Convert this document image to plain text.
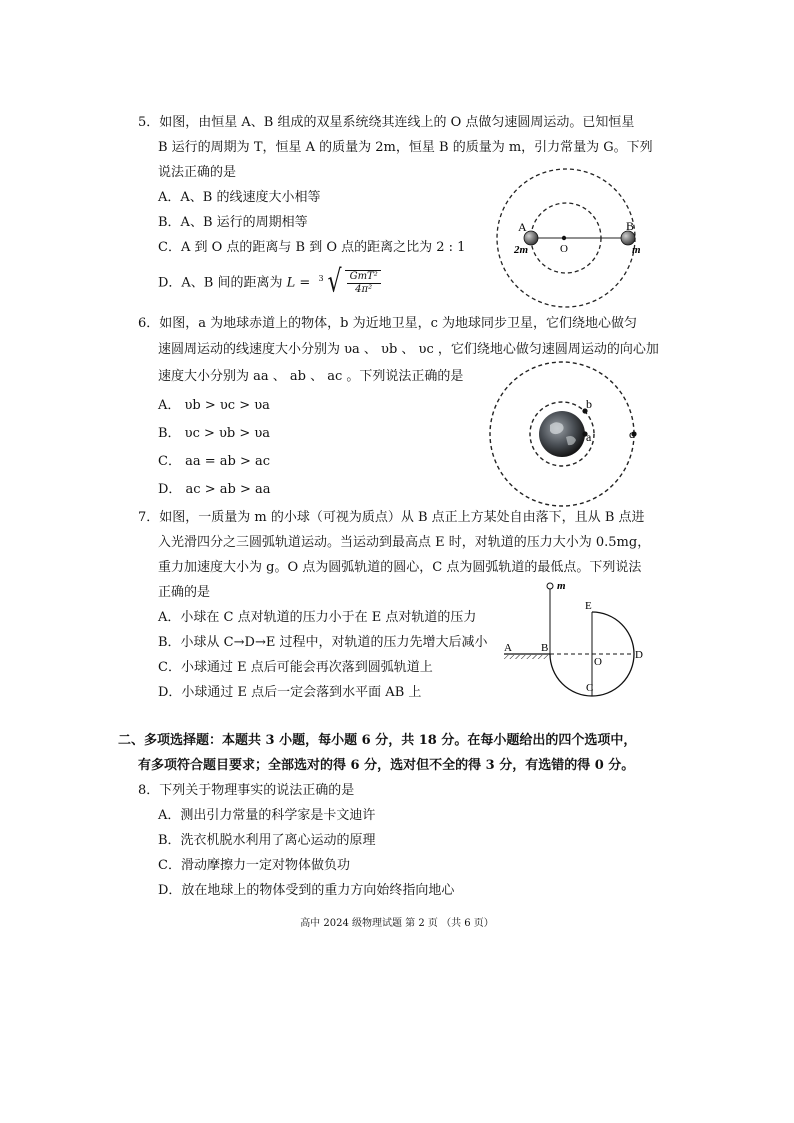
5．如图，由恒星 A、B 组成的双星系统绕其连线上的 O 点做匀速圆周运动。已知恒星
B 运行的周期为 T，恒星 A 的质量为 2m，恒星 B 的质量为 m，引力常量为 G。下列
说法正确的是
A．A、B 的线速度大小相等
B．A、B 运行的周期相等
C．A 到 O 点的距离与 B 到 O 点的距离之比为 2 : 1
D．A、B 间的距离为 L = $^3$ √ $\frac{\text{GmT²}}{\text{4π²}}$
A	B
O
2m	m
6．如图，a 为地球赤道上的物体，b 为近地卫星，c 为地球同步卫星，它们绕地心做匀
速圆周运动的线速度大小分别为 υa 、 υb 、 υc ，它们绕地心做匀速圆周运动的向心加
速度大小分别为 aa 、 ab 、 ac 。下列说法正确的是
A． υb > υc > υa
B． υc > υb > υa
C． aa = ab > ac
D． ac > ab > aa
b
a	c
7．如图，一质量为 m 的小球（可视为质点）从 B 点正上方某处自由落下，且从 B 点进
入光滑四分之三圆弧轨道运动。当运动到最高点 E 时，对轨道的压力大小为 0.5mg，
重力加速度大小为 g。O 点为圆弧轨道的圆心，C 点为圆弧轨道的最低点。下列说法
正确的是
A．小球在 C 点对轨道的压力小于在 E 点对轨道的压力
B．小球从 C→D→E 过程中，对轨道的压力先增大后减小
C．小球通过 E 点后可能会再次落到圆弧轨道上
D．小球通过 E 点后一定会落到水平面 AB 上
m
E
A	B
O
D
C
二、多项选择题：本题共 3 小题，每小题 6 分，共 18 分。在每小题给出的四个选项中，
有多项符合题目要求；全部选对的得 6 分，选对但不全的得 3 分，有选错的得 0 分。
8．下列关于物理事实的说法正确的是
A．测出引力常量的科学家是卡文迪许
B．洗衣机脱水利用了离心运动的原理
C．滑动摩擦力一定对物体做负功
D．放在地球上的物体受到的重力方向始终指向地心
高中 2024 级物理试题 第 2 页 （共 6 页）
